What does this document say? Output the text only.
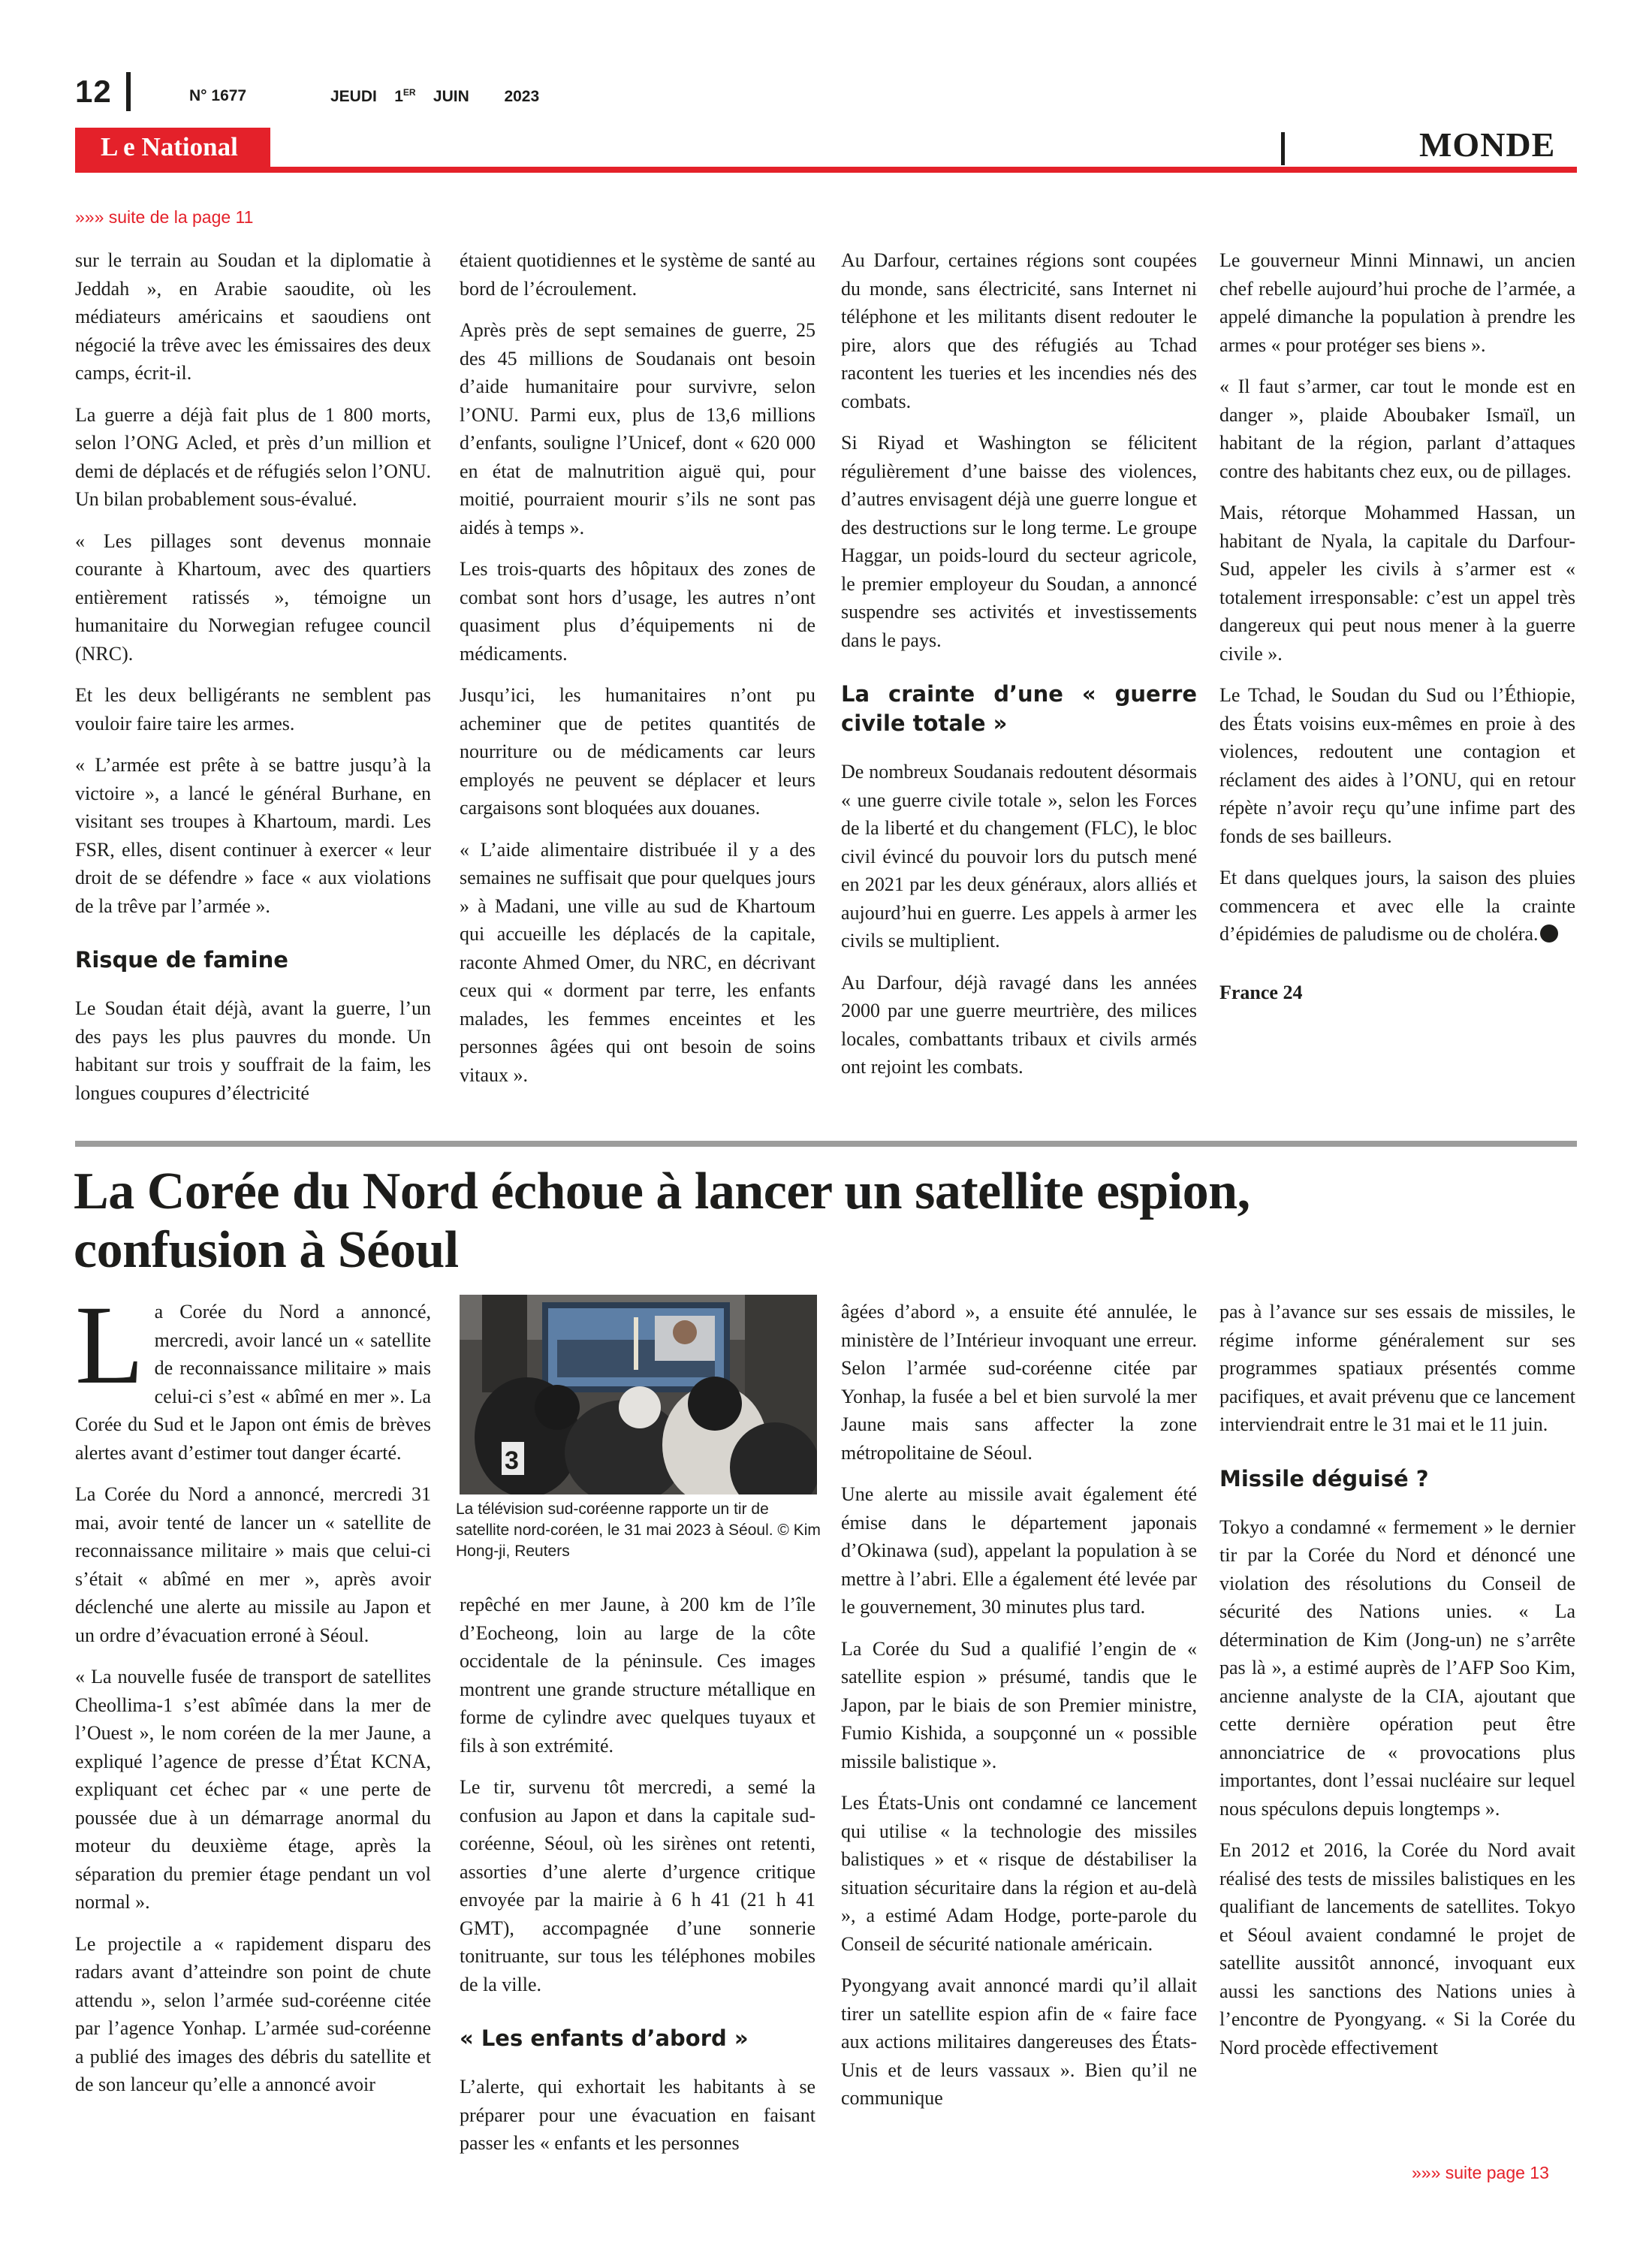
12	N° 1677	JEUDI 1ER JUIN 2023
L e National	MONDE
»»» suite de la page 11

sur le terrain au Soudan et la diplomatie à Jeddah », en Arabie saoudite, où les médiateurs américains et saoudiens ont négocié la trêve avec les émissaires des deux camps, écrit-il.

La guerre a déjà fait plus de 1 800 morts, selon l’ONG Acled, et près d’un million et demi de déplacés et de réfugiés selon l’ONU. Un bilan probablement sous-évalué.

« Les pillages sont devenus monnaie courante à Khartoum, avec des quartiers entièrement ratissés », témoigne un humanitaire du Norwegian refugee council (NRC).

Et les deux belligérants ne semblent pas vouloir faire taire les armes.

« L’armée est prête à se battre jusqu’à la victoire », a lancé le général Burhane, en visitant ses troupes à Khartoum, mardi. Les FSR, elles, disent continuer à exercer « leur droit de se défendre » face « aux violations de la trêve par l’armée ».

Risque de famine

Le Soudan était déjà, avant la guerre, l’un des pays les plus pauvres du monde. Un habitant sur trois y souffrait de la faim, les longues coupures d’électricité

étaient quotidiennes et le système de santé au bord de l’écroulement.

Après près de sept semaines de guerre, 25 des 45 millions de Soudanais ont besoin d’aide humanitaire pour survivre, selon l’ONU. Parmi eux, plus de 13,6 millions d’enfants, souligne l’Unicef, dont « 620 000 en état de malnutrition aiguë qui, pour moitié, pourraient mourir s’ils ne sont pas aidés à temps ».

Les trois-quarts des hôpitaux des zones de combat sont hors d’usage, les autres n’ont quasiment plus d’équipements ni de médicaments.

Jusqu’ici, les humanitaires n’ont pu acheminer que de petites quantités de nourriture ou de médicaments car leurs employés ne peuvent se déplacer et leurs cargaisons sont bloquées aux douanes.

« L’aide alimentaire distribuée il y a des semaines ne suffisait que pour quelques jours » à Madani, une ville au sud de Khartoum qui accueille les déplacés de la capitale, raconte Ahmed Omer, du NRC, en décrivant ceux qui « dorment par terre, les enfants malades, les femmes enceintes et les personnes âgées qui ont besoin de soins vitaux ».

Au Darfour, certaines régions sont coupées du monde, sans électricité, sans Internet ni téléphone et les militants disent redouter le pire, alors que des réfugiés au Tchad racontent les tueries et les incendies nés des combats.

Si Riyad et Washington se félicitent régulièrement d’une baisse des violences, d’autres envisagent déjà une guerre longue et des destructions sur le long terme. Le groupe Haggar, un poids-lourd du secteur agricole, le premier employeur du Soudan, a annoncé suspendre ses activités et investissements dans le pays.

La crainte d’une « guerre civile totale »

De nombreux Soudanais redoutent désormais « une guerre civile totale », selon les Forces de la liberté et du changement (FLC), le bloc civil évincé du pouvoir lors du putsch mené en 2021 par les deux généraux, alors alliés et aujourd’hui en guerre. Les appels à armer les civils se multiplient.

Au Darfour, déjà ravagé dans les années 2000 par une guerre meurtrière, des milices locales, combattants tribaux et civils armés ont rejoint les combats.

Le gouverneur Minni Minnawi, un ancien chef rebelle aujourd’hui proche de l’armée, a appelé dimanche la population à prendre les armes « pour protéger ses biens ».

« Il faut s’armer, car tout le monde est en danger », plaide Aboubaker Ismaïl, un habitant de la région, parlant d’attaques contre des habitants chez eux, ou de pillages.

Mais, rétorque Mohammed Hassan, un habitant de Nyala, la capitale du Darfour-Sud, appeler les civils à s’armer est « totalement irresponsable: c’est un appel très dangereux qui peut nous mener à la guerre civile ».

Le Tchad, le Soudan du Sud ou l’Éthiopie, des États voisins eux-mêmes en proie à des violences, redoutent une contagion et réclament des aides à l’ONU, qui en retour répète n’avoir reçu qu’une infime part des fonds de ses bailleurs.

Et dans quelques jours, la saison des pluies commencera et avec elle la crainte d’épidémies de paludisme ou de choléra.

France 24

La Corée du Nord échoue à lancer un satellite espion,
confusion à Séoul

La Corée du Nord a annoncé, mercredi, avoir lancé un « satellite de reconnaissance militaire » mais celui-ci s’est « abîmé en mer ». La Corée du Sud et le Japon ont émis de brèves alertes avant d’estimer tout danger écarté.

La Corée du Nord a annoncé, mercredi 31 mai, avoir tenté de lancer un « satellite de reconnaissance militaire » mais que celui-ci s’était « abîmé en mer », après avoir déclenché une alerte au missile au Japon et un ordre d’évacuation erroné à Séoul.

« La nouvelle fusée de transport de satellites Cheollima-1 s’est abîmée dans la mer de l’Ouest », le nom coréen de la mer Jaune, a expliqué l’agence de presse d’État KCNA, expliquant cet échec par « une perte de poussée due à un démarrage anormal du moteur du deuxième étage, après la séparation du premier étage pendant un vol normal ».

Le projectile a « rapidement disparu des radars avant d’atteindre son point de chute attendu », selon l’armée sud-coréenne citée par l’agence Yonhap. L’armée sud-coréenne a publié des images des débris du satellite et de son lanceur qu’elle a annoncé avoir

3
La télévision sud-coréenne rapporte un tir de satellite nord-coréen, le 31 mai 2023 à Séoul. © Kim Hong-ji, Reuters

repêché en mer Jaune, à 200 km de l’île d’Eocheong, loin au large de la côte occidentale de la péninsule. Ces images montrent une grande structure métallique en forme de cylindre avec quelques tuyaux et fils à son extrémité.

Le tir, survenu tôt mercredi, a semé la confusion au Japon et dans la capitale sud-coréenne, Séoul, où les sirènes ont retenti, assorties d’une alerte d’urgence critique envoyée par la mairie à 6 h 41 (21 h 41 GMT), accompagnée d’une sonnerie tonitruante, sur tous les téléphones mobiles de la ville.

« Les enfants d’abord »

L’alerte, qui exhortait les habitants à se préparer pour une évacuation en faisant passer les « enfants et les personnes

âgées d’abord », a ensuite été annulée, le ministère de l’Intérieur invoquant une erreur. Selon l’armée sud-coréenne citée par Yonhap, la fusée a bel et bien survolé la mer Jaune mais sans affecter la zone métropolitaine de Séoul.

Une alerte au missile avait également été émise dans le département japonais d’Okinawa (sud), appelant la population à se mettre à l’abri. Elle a également été levée par le gouvernement, 30 minutes plus tard.

La Corée du Sud a qualifié l’engin de « satellite espion » présumé, tandis que le Japon, par le biais de son Premier ministre, Fumio Kishida, a soupçonné un « possible missile balistique ».

Les États-Unis ont condamné ce lancement qui utilise « la technologie des missiles balistiques » et « risque de déstabiliser la situation sécuritaire dans la région et au-delà », a estimé Adam Hodge, porte-parole du Conseil de sécurité nationale américain.

Pyongyang avait annoncé mardi qu’il allait tirer un satellite espion afin de « faire face aux actions militaires dangereuses des États-Unis et de leurs vassaux ». Bien qu’il ne communique

pas à l’avance sur ses essais de missiles, le régime informe généralement sur ses programmes spatiaux présentés comme pacifiques, et avait prévenu que ce lancement interviendrait entre le 31 mai et le 11 juin.

Missile déguisé ?

Tokyo a condamné « fermement » le dernier tir par la Corée du Nord et dénoncé une violation des résolutions du Conseil de sécurité des Nations unies. « La détermination de Kim (Jong-un) ne s’arrête pas là », a estimé auprès de l’AFP Soo Kim, ancienne analyste de la CIA, ajoutant que cette dernière opération peut être annonciatrice de « provocations plus importantes, dont l’essai nucléaire sur lequel nous spéculons depuis longtemps ».

En 2012 et 2016, la Corée du Nord avait réalisé des tests de missiles balistiques en les qualifiant de lancements de satellites. Tokyo et Séoul avaient condamné le projet de satellite aussitôt annoncé, invoquant eux aussi les sanctions des Nations unies à l’encontre de Pyongyang. « Si la Corée du Nord procède effectivement

»»» suite page 13
